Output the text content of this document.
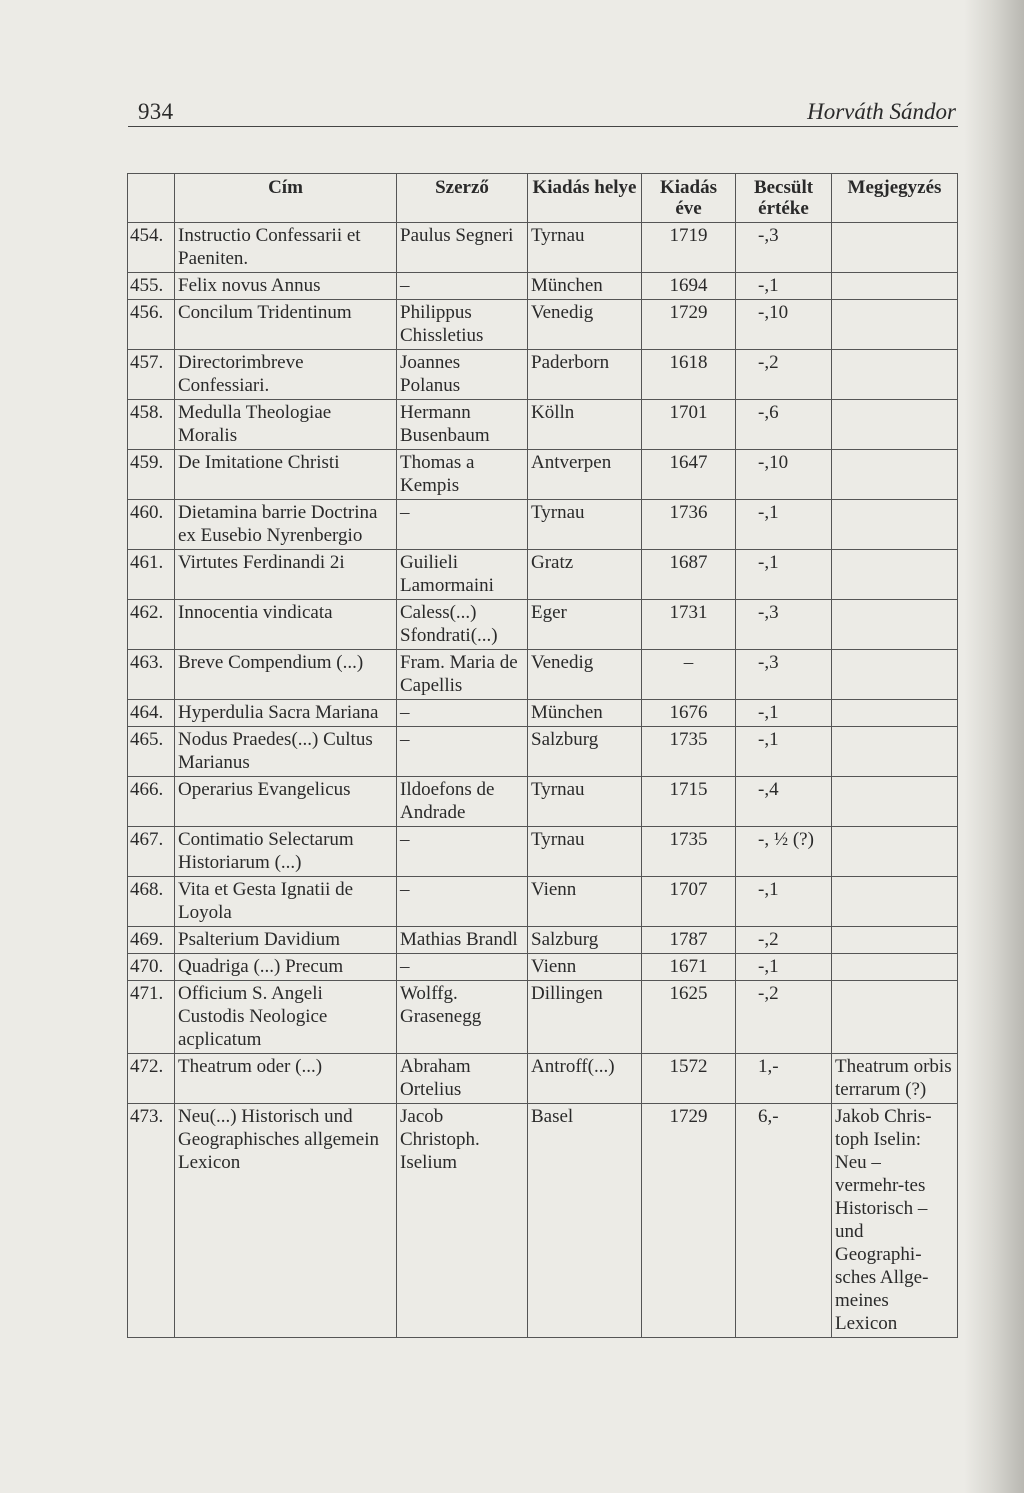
934	Horváth Sándor
	Cím	Szerző	Kiadás helye	Kiadás éve	Becsült értéke	Megjegyzés
454.	Instructio Confessarii et Paeniten.	Paulus Segneri	Tyrnau	1719	-,3	
455.	Felix novus Annus	–	München	1694	-,1	
456.	Concilum Tridentinum	Philippus Chissletius	Venedig	1729	-,10	
457.	Directorimbreve Confessiari.	Joannes Polanus	Paderborn	1618	-,2	
458.	Medulla Theologiae Moralis	Hermann Busenbaum	Kölln	1701	-,6	
459.	De Imitatione Christi	Thomas a Kempis	Antverpen	1647	-,10	
460.	Dietamina barrie Doctrina ex Eusebio Nyrenbergio	–	Tyrnau	1736	-,1	
461.	Virtutes Ferdinandi 2i	Guilieli Lamormaini	Gratz	1687	-,1	
462.	Innocentia vindicata	Caless(...) Sfondrati(...)	Eger	1731	-,3	
463.	Breve Compendium (...)	Fram. Maria de Capellis	Venedig	–	-,3	
464.	Hyperdulia Sacra Mariana	–	München	1676	-,1	
465.	Nodus Praedes(...) Cultus Marianus	–	Salzburg	1735	-,1	
466.	Operarius Evangelicus	Ildoefons de Andrade	Tyrnau	1715	-,4	
467.	Contimatio Selectarum Historiarum (...)	–	Tyrnau	1735	-, ½ (?)	
468.	Vita et Gesta Ignatii de Loyola	–	Vienn	1707	-,1	
469.	Psalterium Davidium	Mathias Brandl	Salzburg	1787	-,2	
470.	Quadriga (...) Precum	–	Vienn	1671	-,1	
471.	Officium S. Angeli Custodis Neologice acplicatum	Wolffg. Grasenegg	Dillingen	1625	-,2	
472.	Theatrum oder (...)	Abraham Ortelius	Antroff(...)	1572	1,-	Theatrum orbis terrarum (?)
473.	Neu(...) Historisch und Geographisches allgemein Lexicon	Jacob Christoph. Iselium	Basel	1729	6,-	Jakob Chris-toph Iselin: Neu – vermehr-tes Historisch – und Geographi-sches Allge-meines Lexicon
